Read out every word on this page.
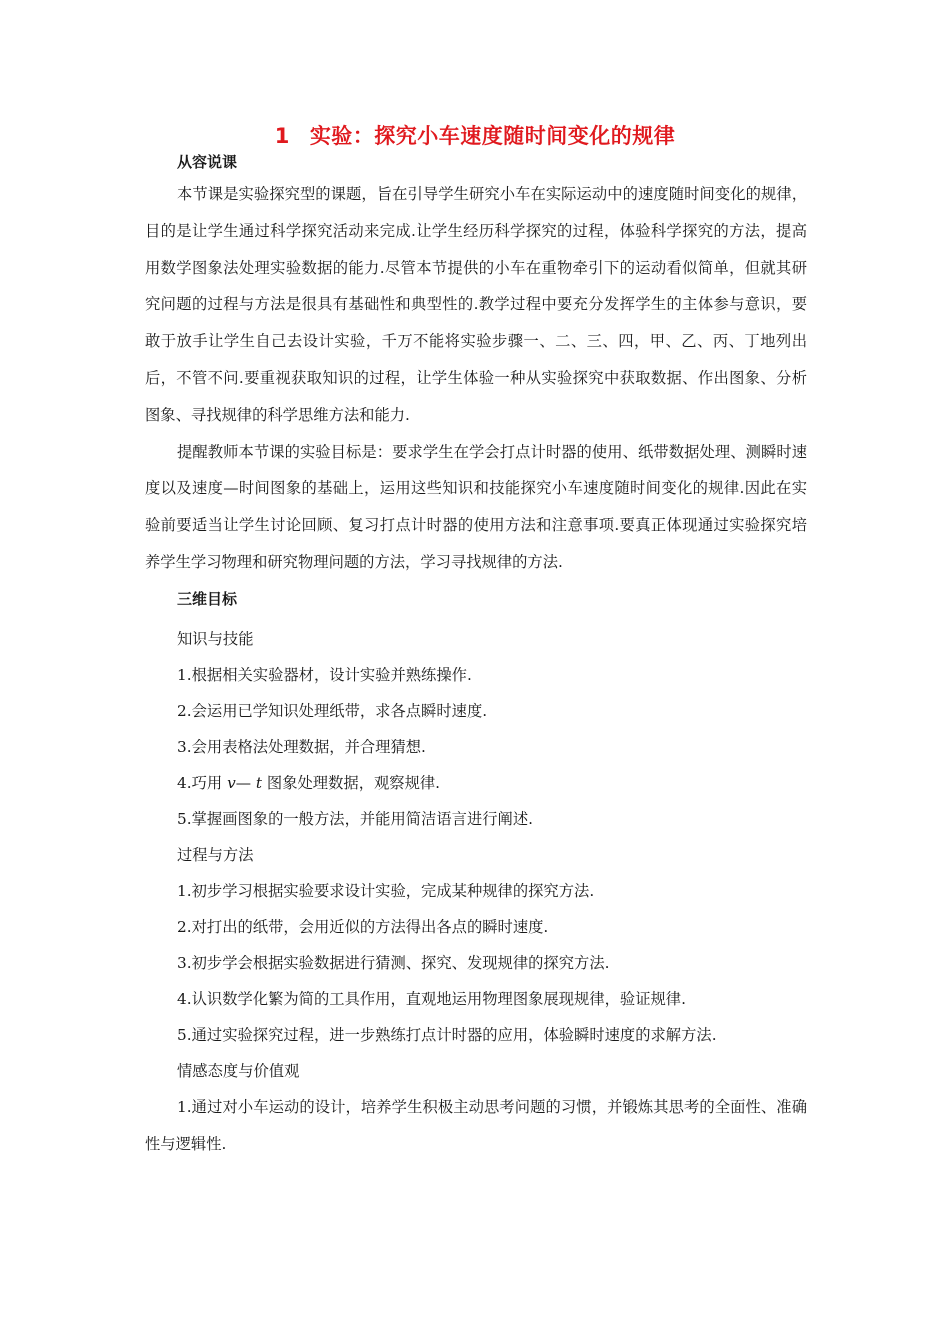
1 实验：探究小车速度随时间变化的规律

从容说课

本节课是实验探究型的课题，旨在引导学生研究小车在实际运动中的速度随时间变化的规律，目的是让学生通过科学探究活动来完成.让学生经历科学探究的过程，体验科学探究的方法，提高用数学图象法处理实验数据的能力.尽管本节提供的小车在重物牵引下的运动看似简单，但就其研究问题的过程与方法是很具有基础性和典型性的.教学过程中要充分发挥学生的主体参与意识，要敢于放手让学生自己去设计实验，千万不能将实验步骤一、二、三、四，甲、乙、丙、丁地列出后，不管不问.要重视获取知识的过程，让学生体验一种从实验探究中获取数据、作出图象、分析图象、寻找规律的科学思维方法和能力.

提醒教师本节课的实验目标是：要求学生在学会打点计时器的使用、纸带数据处理、测瞬时速度以及速度—时间图象的基础上，运用这些知识和技能探究小车速度随时间变化的规律.因此在实验前要适当让学生讨论回顾、复习打点计时器的使用方法和注意事项.要真正体现通过实验探究培养学生学习物理和研究物理问题的方法，学习寻找规律的方法.

三维目标

知识与技能

1.根据相关实验器材，设计实验并熟练操作.

2.会运用已学知识处理纸带，求各点瞬时速度.

3.会用表格法处理数据，并合理猜想.

4.巧用 v— t 图象处理数据，观察规律.

5.掌握画图象的一般方法，并能用简洁语言进行阐述.

过程与方法

1.初步学习根据实验要求设计实验，完成某种规律的探究方法.

2.对打出的纸带，会用近似的方法得出各点的瞬时速度.

3.初步学会根据实验数据进行猜测、探究、发现规律的探究方法.

4.认识数学化繁为简的工具作用，直观地运用物理图象展现规律，验证规律.

5.通过实验探究过程，进一步熟练打点计时器的应用，体验瞬时速度的求解方法.

情感态度与价值观

1.通过对小车运动的设计，培养学生积极主动思考问题的习惯，并锻炼其思考的全面性、准确性与逻辑性.
